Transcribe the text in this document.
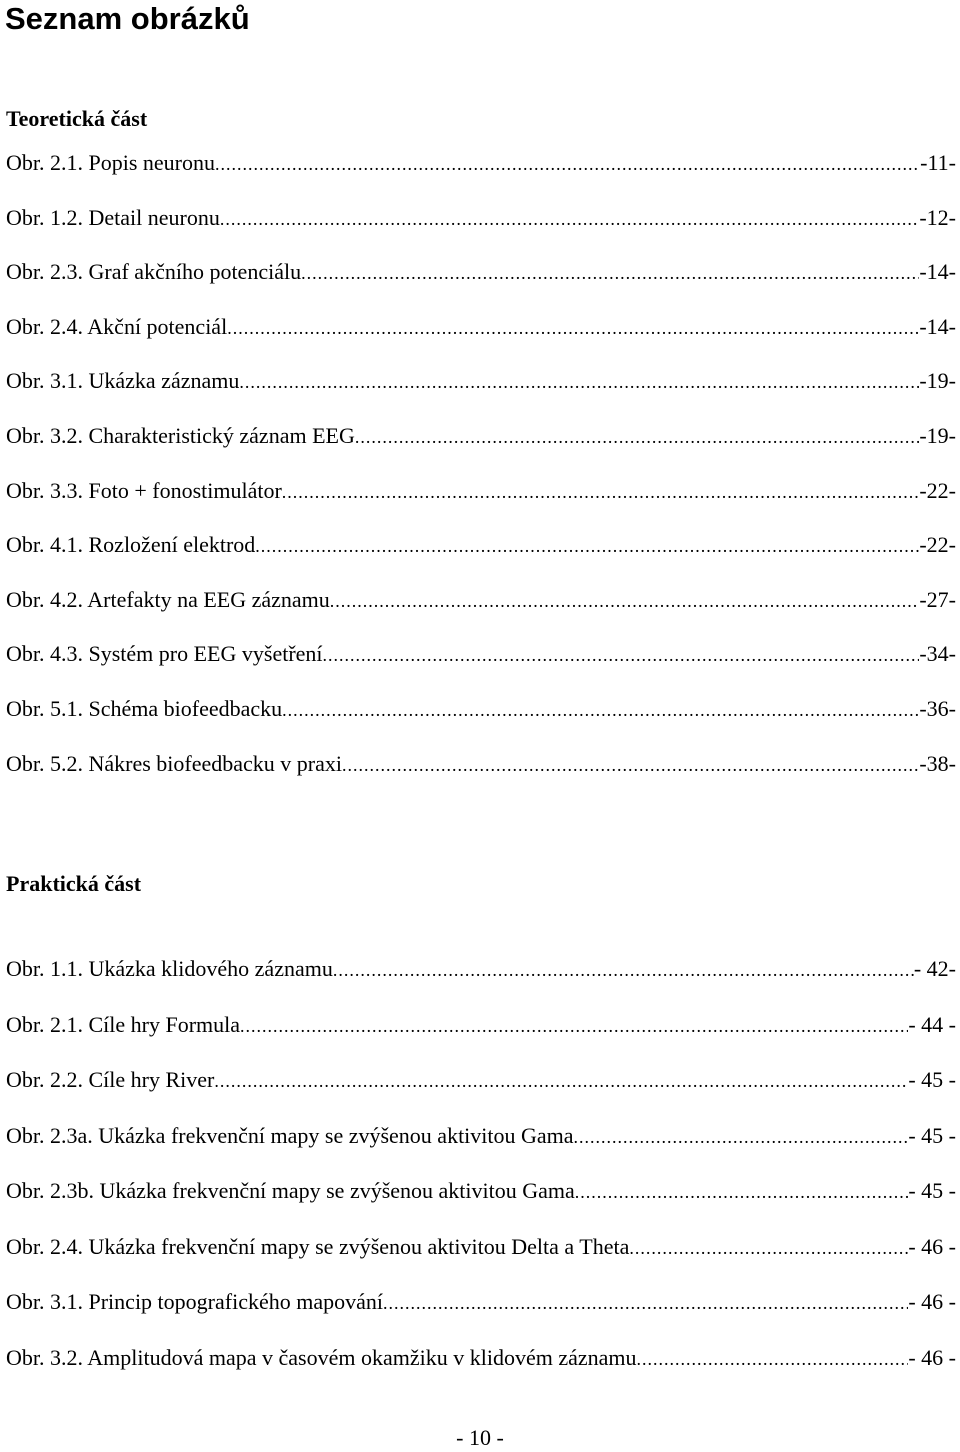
Seznam obrázků
Teoretická část
Obr. 2.1. Popis neuronu .....	-11-
Obr. 1.2. Detail neuronu .....	-12-
Obr. 2.3. Graf akčního potenciálu .....	-14-
Obr. 2.4. Akční potenciál .....	-14-
Obr. 3.1. Ukázka záznamu .....	-19-
Obr. 3.2. Charakteristický záznam EEG .....	-19-
Obr. 3.3. Foto + fonostimulátor .....	-22-
Obr. 4.1. Rozložení elektrod .....	-22-
Obr. 4.2. Artefakty na EEG záznamu .....	-27-
Obr. 4.3. Systém pro EEG vyšetření .....	-34-
Obr. 5.1. Schéma biofeedbacku .....	-36-
Obr. 5.2. Nákres biofeedbacku v praxi .....	-38-
Praktická část
Obr. 1.1. Ukázka klidového záznamu .....	- 42-
Obr. 2.1. Cíle hry Formula .....	- 44 -
Obr. 2.2. Cíle hry River .....	- 45 -
Obr. 2.3a. Ukázka frekvenční mapy se zvýšenou aktivitou Gama .....	- 45 -
Obr. 2.3b. Ukázka frekvenční mapy se zvýšenou aktivitou Gama .....	- 45 -
Obr. 2.4. Ukázka frekvenční mapy se zvýšenou aktivitou Delta a Theta .....	- 46 -
Obr. 3.1. Princip topografického mapování .....	- 46 -
Obr. 3.2. Amplitudová mapa v časovém okamžiku v klidovém záznamu .....	- 46 -
- 10 -
